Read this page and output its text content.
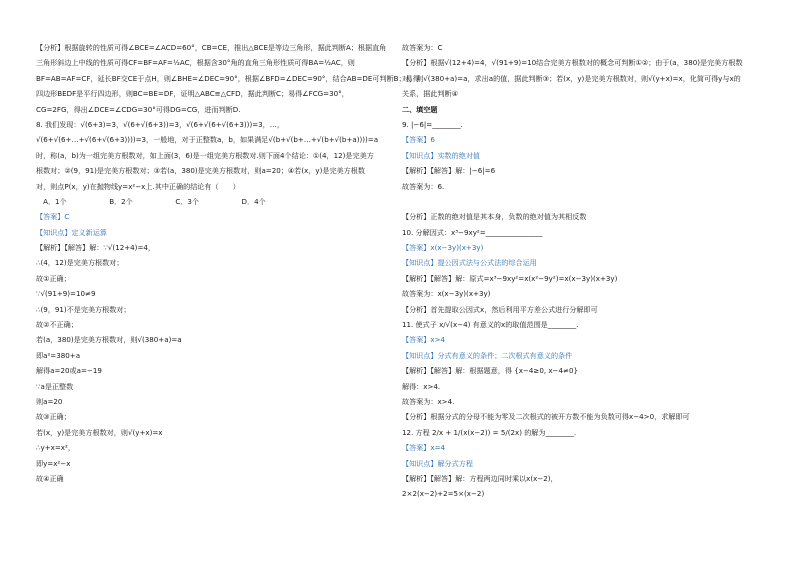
【分析】根据旋转的性质可得∠BCE=∠ACD=60°，CB=CE，推出△BCE是等边三角形，据此判断A；根据直角
三角形斜边上中线的性质可得CF=BF=AF=½AC，根据含30°角的直角三角形性质可得BA=½AC，则
BF=AB=AF=CF，延长BF交CE于点H，则∠BHE=∠DEC=90°，根据∠BFD=∠DEC=90°，结合AB=DE可判断B；易得
四边形BEDF是平行四边形，则BC=BE=DF，证明△ABC≌△CFD，据此判断C；易得∠FCG=30°，
CG=2FG，得出∠DCE=∠CDG=30°可得DG=CG，进而判断D.
8. 我们发现：√(6+3)=3，√(6+√(6+3))=3，√(6+√(6+√(6+3)))=3，…，
√(6+√(6+…+√(6+√(6+3))))=3，一般地，对于正整数a，b，如果满足√(b+√(b+…+√(b+√(b+a))))=a
时，称(a，b)为一组完美方根数对，如上面(3，6)是一组完美方根数对.则下面4个结论：①(4，12)是完美方
根数对；②(9，91)是完美方根数对；③若(a，380)是完美方根数对，则a=20；④若(x，y)是完美方根数
对，则点P(x，y)在抛物线y=x²−x上.其中正确的结论有（　　）
　A．1个　　　　　　B．2个　　　　　　C．3个　　　　　　D．4个
【答案】C
【知识点】定义新运算
【解析】【解答】解：∵√(12+4)=4，
∴(4，12)是完美方根数对；
故①正确；
∵√(91+9)=10≠9
∴(9，91)不是完美方根数对；
故②不正确；
若(a，380)是完美方根数对，则√(380+a)=a
即a²=380+a
解得a=20或a=−19
∵a是正整数
则a=20
故③正确；
若(x，y)是完美方根数对，则√(y+x)=x
∴y+x=x²，
即y=x²−x
故④正确
故答案为：C
【分析】根据√(12+4)=4，√(91+9)=10结合完美方根数对的概念可判断①②；由于(a，380)是完美方根数
对，则√(380+a)=a，求出a的值，据此判断③；若(x，y)是完美方根数对，则√(y+x)=x，化简可得y与x的
关系，据此判断④
二、填空题
9. |−6|=________.
【答案】6
【知识点】实数的绝对值
【解析】【解答】解：|−6|=6
故答案为：6.
【分析】正数的绝对值是其本身，负数的绝对值为其相反数
10. 分解因式：x³−9xy²=________________
【答案】x(x−3y)(x+3y)
【知识点】提公因式法与公式法的综合运用
【解析】【解答】解：原式=x³−9xy²=x(x²−9y²)=x(x−3y)(x+3y)
故答案为：x(x−3y)(x+3y)
【分析】首先提取公因式x，然后利用平方差公式进行分解即可
11. 使式子 x/√(x−4) 有意义的x的取值范围是________.
【答案】x>4
【知识点】分式有意义的条件；二次根式有意义的条件
【解析】【解答】解：根据题意，得 {x−4≥0, x−4≠0}
解得：x>4.
故答案为：x>4.
【分析】根据分式的分母不能为零及二次根式的被开方数不能为负数可得x−4>0，求解即可
12. 方程 2/x + 1/(x(x−2)) = 5/(2x) 的解为________.
【答案】x=4
【知识点】解分式方程
【解析】【解答】解：方程两边同时乘以x(x−2)，
2×2(x−2)+2=5×(x−2)
